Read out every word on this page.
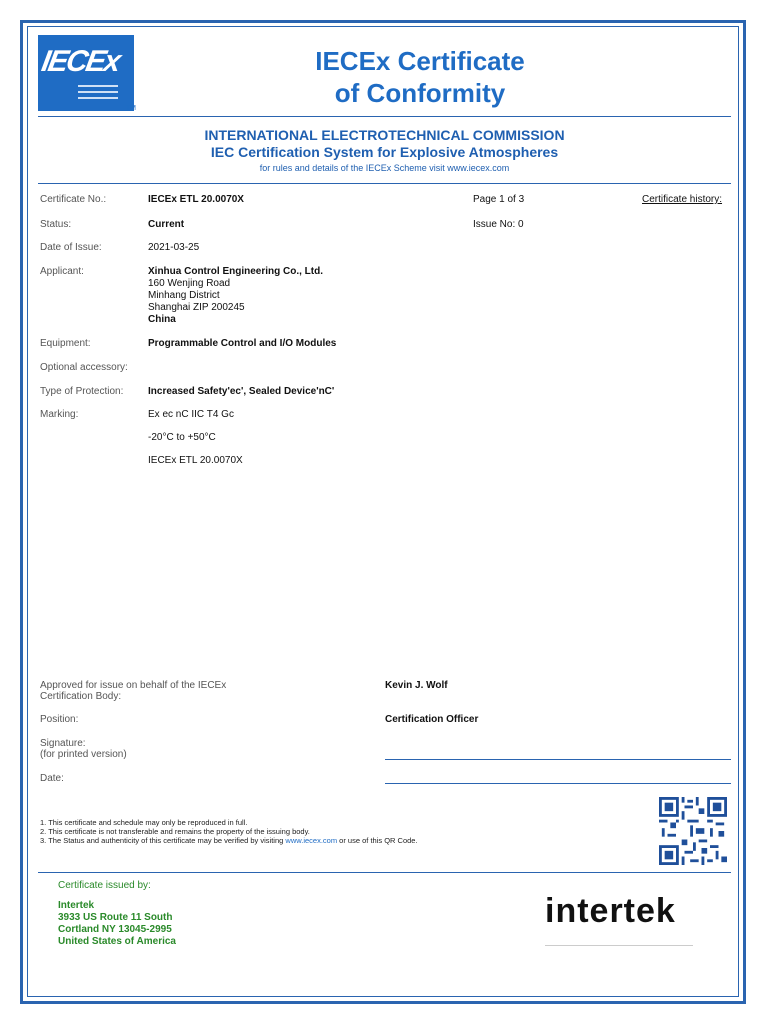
IECEx
TM
IECEx Certificate
of Conformity
INTERNATIONAL ELECTROTECHNICAL COMMISSION
IEC Certification System for Explosive Atmospheres
for rules and details of the IECEx Scheme visit www.iecex.com
Certificate No.:	IECEx ETL 20.0070X	Page 1 of 3	Certificate history:
Status:	Current	Issue No: 0
Date of Issue:	2021-03-25
Applicant:	Xinhua Control Engineering Co., Ltd.
160 Wenjing Road
Minhang District
Shanghai ZIP 200245
China
Equipment:	Programmable Control and I/O Modules
Optional accessory:
Type of Protection: Increased Safety'ec', Sealed Device'nC'
Marking:	Ex ec nC IIC T4 Gc
-20°C to +50°C
IECEx ETL 20.0070X
Approved for issue on behalf of the IECEx
Certification Body:
Kevin J. Wolf
Position:	Certification Officer
Signature:
(for printed version)
Date:
1. This certificate and schedule may only be reproduced in full.
2. This certificate is not transferable and remains the property of the issuing body.
3. The Status and authenticity of this certificate may be verified by visiting www.iecex.com or use of this QR Code.
Certificate issued by:
Intertek
3933 US Route 11 South
Cortland NY 13045-2995
United States of America
intertek
